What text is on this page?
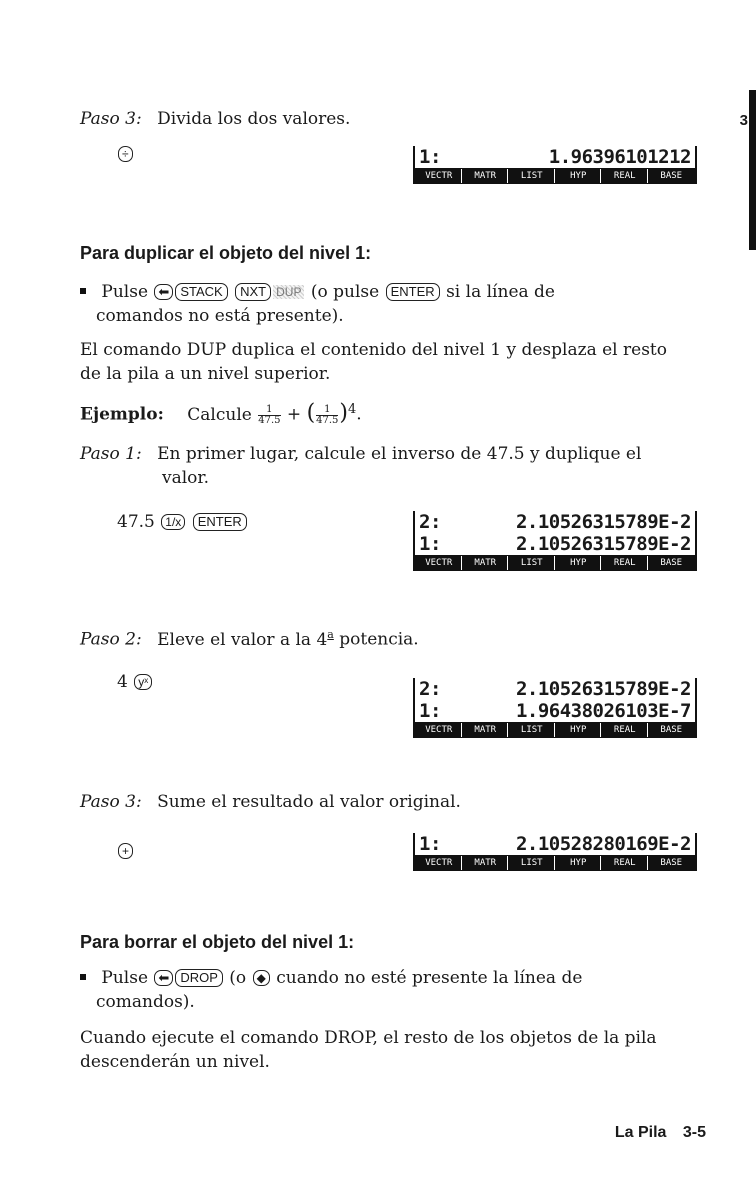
3
Paso 3: Divida los dos valores.
÷	1:	1.96396101212
VECTR	MATR	LIST	HYP	REAL	BASE
Para duplicar el objeto del nivel 1:
Pulse ⬅ STACK NXT DUP (o pulse ENTER si la línea de
comandos no está presente).
El comando DUP duplica el contenido del nivel 1 y desplaza el resto
de la pila a un nivel superior.
Ejemplo: Calcule $\frac{1}{47.5}$ + ( $\frac{1}{47.5} )^4$.
Paso 1: En primer lugar, calcule el inverso de 47.5 y duplique el
valor.
47.5 1/x ENTER	2:	2.10526315789E-2
1:	2.10526315789E-2
VECTR	MATR	LIST	HYP	REAL	BASE
Paso 2: Eleve el valor a la 4$^a$ potencia.
4 yˣ	2:	2.10526315789E-2
1:	1.96438026103E-7
VECTR	MATR	LIST	HYP	REAL	BASE
Paso 3: Sume el resultado al valor original.
+	1:	2.10528280169E-2
VECTR	MATR	LIST	HYP	REAL	BASE
Para borrar el objeto del nivel 1:
Pulse ⬅ DROP (o ◆ cuando no esté presente la línea de
comandos).
Cuando ejecute el comando DROP, el resto de los objetos de la pila
descenderán un nivel.
La Pila 3-5
